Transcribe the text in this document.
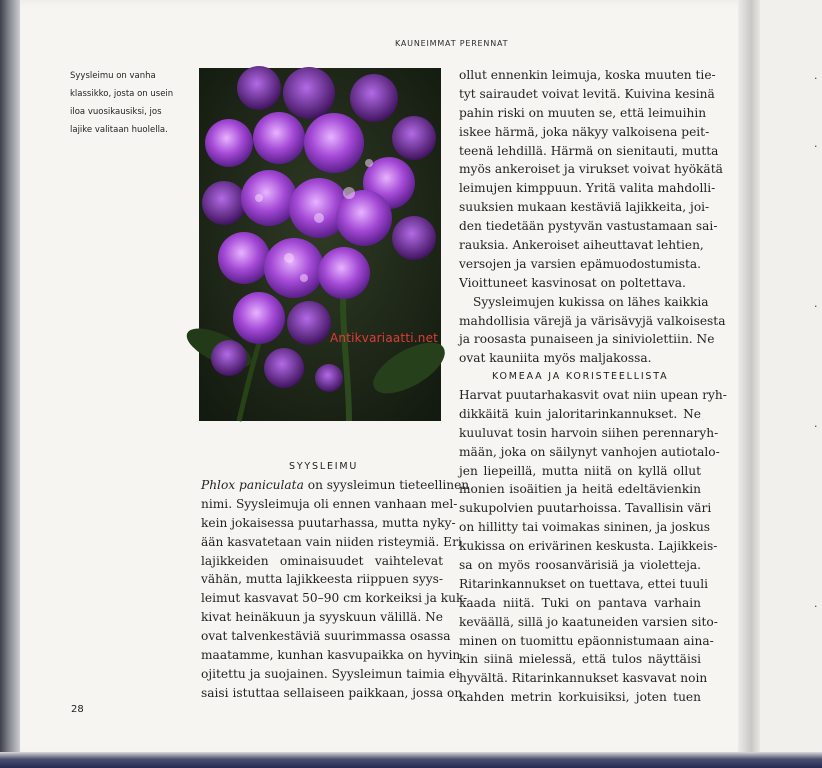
·
·
·
·
·
KAUNEIMMAT PERENNAT
Syysleimu on vanha
klassikko, josta on usein
iloa vuosikausiksi, jos
lajike valitaan huolella.
SYYSLEIMU
Phlox paniculata on syysleimun tieteellinen
nimi. Syysleimuja oli ennen vanhaan mel-
kein jokaisessa puutarhassa, mutta nyky-
ään kasvatetaan vain niiden risteymiä. Eri
lajikkeiden ominaisuudet vaihtelevat
vähän, mutta lajikkeesta riippuen syys-
leimut kasvavat 50–90 cm korkeiksi ja kuk-
kivat heinäkuun ja syyskuun välillä. Ne
ovat talvenkestäviä suurimmassa osassa
maatamme, kunhan kasvupaikka on hyvin
ojitettu ja suojainen. Syysleimun taimia ei
saisi istuttaa sellaiseen paikkaan, jossa on
ollut ennenkin leimuja, koska muuten tie-
tyt sairaudet voivat levitä. Kuivina kesinä
pahin riski on muuten se, että leimuihin
iskee härmä, joka näkyy valkoisena peit-
teenä lehdillä. Härmä on sienitauti, mutta
myös ankeroiset ja virukset voivat hyökätä
leimujen kimppuun. Yritä valita mahdolli-
suuksien mukaan kestäviä lajikkeita, joi-
den tiedetään pystyvän vastustamaan sai-
rauksia. Ankeroiset aiheuttavat lehtien,
versojen ja varsien epämuodostumista.
Vioittuneet kasvinosat on poltettava.
Syysleimujen kukissa on lähes kaikkia
mahdollisia värejä ja värisävyjä valkoisesta
ja roosasta punaiseen ja siniviolettiin. Ne
ovat kauniita myös maljakossa.
KOMEAA JA KORISTEELLISTA
Harvat puutarhakasvit ovat niin upean ryh-
dikkäitä kuin jaloritarinkannukset. Ne
kuuluvat tosin harvoin siihen perennaryh-
mään, joka on säilynyt vanhojen autiotalo-
jen liepeillä, mutta niitä on kyllä ollut
monien isoäitien ja heitä edeltävienkin
sukupolvien puutarhoissa. Tavallisin väri
on hillitty tai voimakas sininen, ja joskus
kukissa on erivärinen keskusta. Lajikkeis-
sa on myös roosanvärisiä ja violetteja.
Ritarinkannukset on tuettava, ettei tuuli
kaada niitä. Tuki on pantava varhain
keväällä, sillä jo kaatuneiden varsien sito-
minen on tuomittu epäonnistumaan aina-
kin siinä mielessä, että tulos näyttäisi
hyvältä. Ritarinkannukset kasvavat noin
kahden metrin korkuisiksi, joten tuen
28
Antikvariaatti.net
